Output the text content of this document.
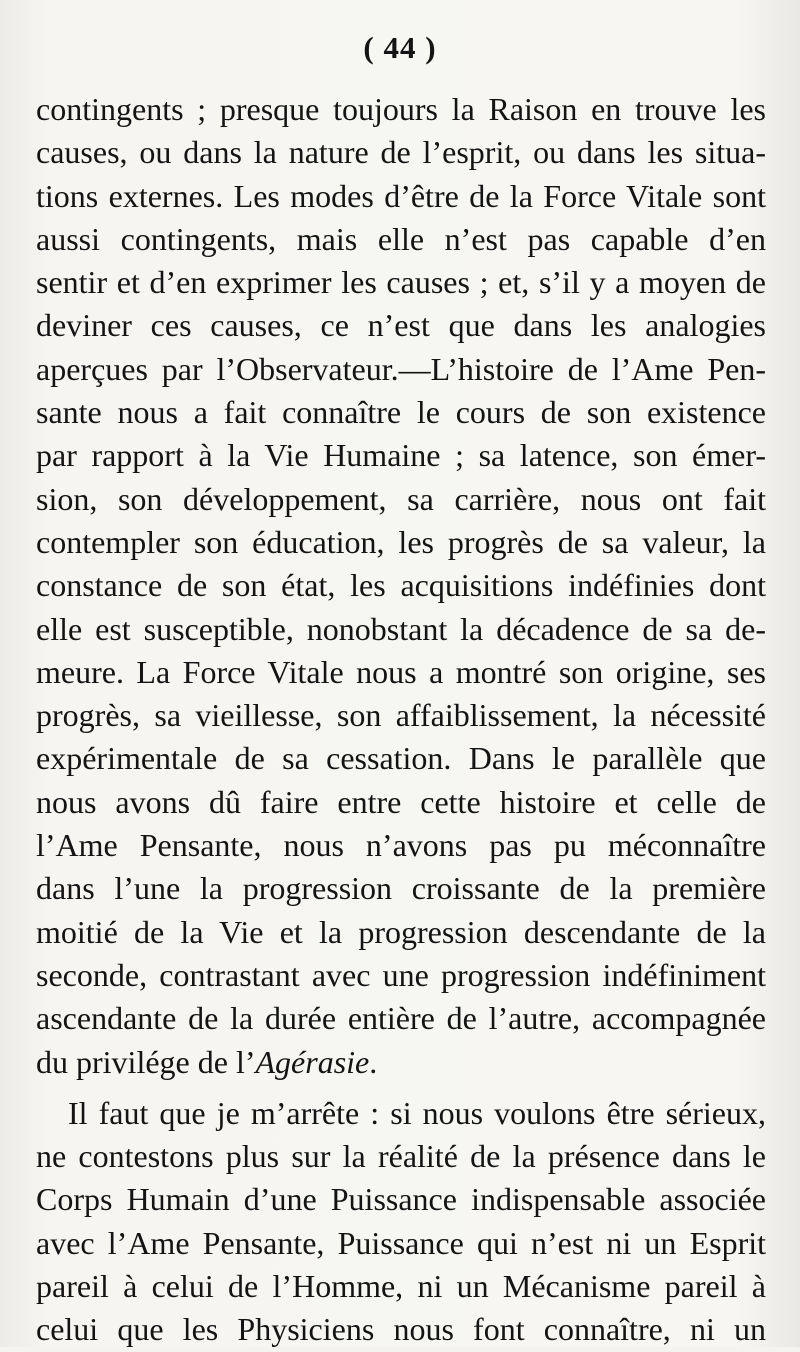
( 44 )
contingents ; presque toujours la Raison en trouve les
causes, ou dans la nature de l’esprit, ou dans les situa-
tions externes. Les modes d’être de la Force Vitale sont
aussi contingents, mais elle n’est pas capable d’en
sentir et d’en exprimer les causes ; et, s’il y a moyen de
deviner ces causes, ce n’est que dans les analogies
aperçues par l’Observateur.—L’histoire de l’Ame Pen-
sante nous a fait connaître le cours de son existence
par rapport à la Vie Humaine ; sa latence, son émer-
sion, son développement, sa carrière, nous ont fait
contempler son éducation, les progrès de sa valeur, la
constance de son état, les acquisitions indéfinies dont
elle est susceptible, nonobstant la décadence de sa de-
meure. La Force Vitale nous a montré son origine, ses
progrès, sa vieillesse, son affaiblissement, la nécessité
expérimentale de sa cessation. Dans le parallèle que
nous avons dû faire entre cette histoire et celle de
l’Ame Pensante, nous n’avons pas pu méconnaître
dans l’une la progression croissante de la première
moitié de la Vie et la progression descendante de la
seconde, contrastant avec une progression indéfiniment
ascendante de la durée entière de l’autre, accompagnée
du privilége de l’Agérasie.
Il faut que je m’arrête : si nous voulons être sérieux,
ne contestons plus sur la réalité de la présence dans le
Corps Humain d’une Puissance indispensable associée
avec l’Ame Pensante, Puissance qui n’est ni un Esprit
pareil à celui de l’Homme, ni un Mécanisme pareil à
celui que les Physiciens nous font connaître, ni un
